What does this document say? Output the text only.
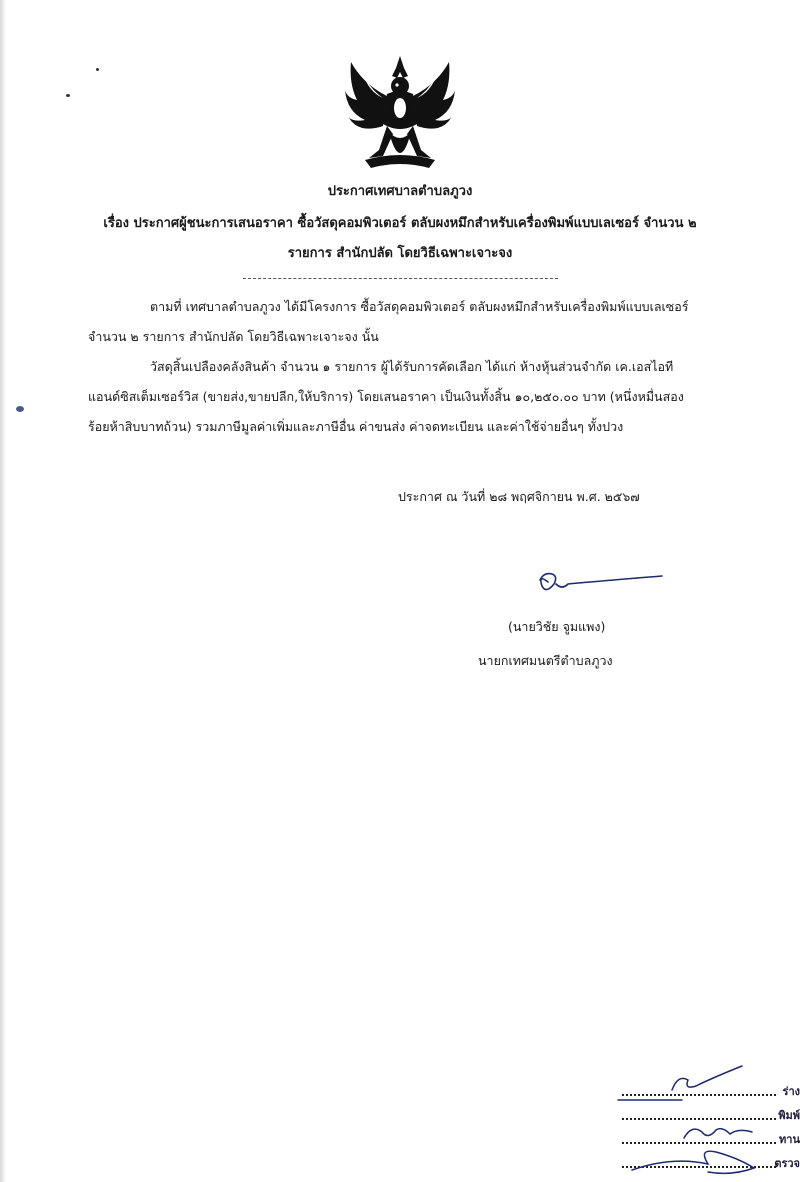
ประกาศเทศบาลตำบลภูวง
เรื่อง ประกาศผู้ชนะการเสนอราคา ซื้อวัสดุคอมพิวเตอร์ ตลับผงหมึกสำหรับเครื่องพิมพ์แบบเลเซอร์ จำนวน ๒
รายการ สำนักปลัด โดยวิธีเฉพาะเจาะจง
ตามที่ เทศบาลตำบลภูวง ได้มีโครงการ ซื้อวัสดุคอมพิวเตอร์ ตลับผงหมึกสำหรับเครื่องพิมพ์แบบเลเซอร์
จำนวน ๒ รายการ สำนักปลัด โดยวิธีเฉพาะเจาะจง นั้น
วัสดุสิ้นเปลืองคลังสินค้า จำนวน ๑ รายการ ผู้ได้รับการคัดเลือก ได้แก่ ห้างหุ้นส่วนจำกัด เค.เอสไอที
แอนด์ซิสเต็มเซอร์วิส (ขายส่ง,ขายปลีก,ให้บริการ) โดยเสนอราคา เป็นเงินทั้งสิ้น ๑๐,๒๕๐.๐๐ บาท (หนึ่งหมื่นสอง
ร้อยห้าสิบบาทถ้วน) รวมภาษีมูลค่าเพิ่มและภาษีอื่น ค่าขนส่ง ค่าจดทะเบียน และค่าใช้จ่ายอื่นๆ ทั้งปวง
ประกาศ ณ วันที่ ๒๘ พฤศจิกายน พ.ศ. ๒๕๖๗
(นายวิชัย จูมแพง)
นายกเทศมนตรีตำบลภูวง
ร่าง
พิมพ์
ทาน
ตรวจ
